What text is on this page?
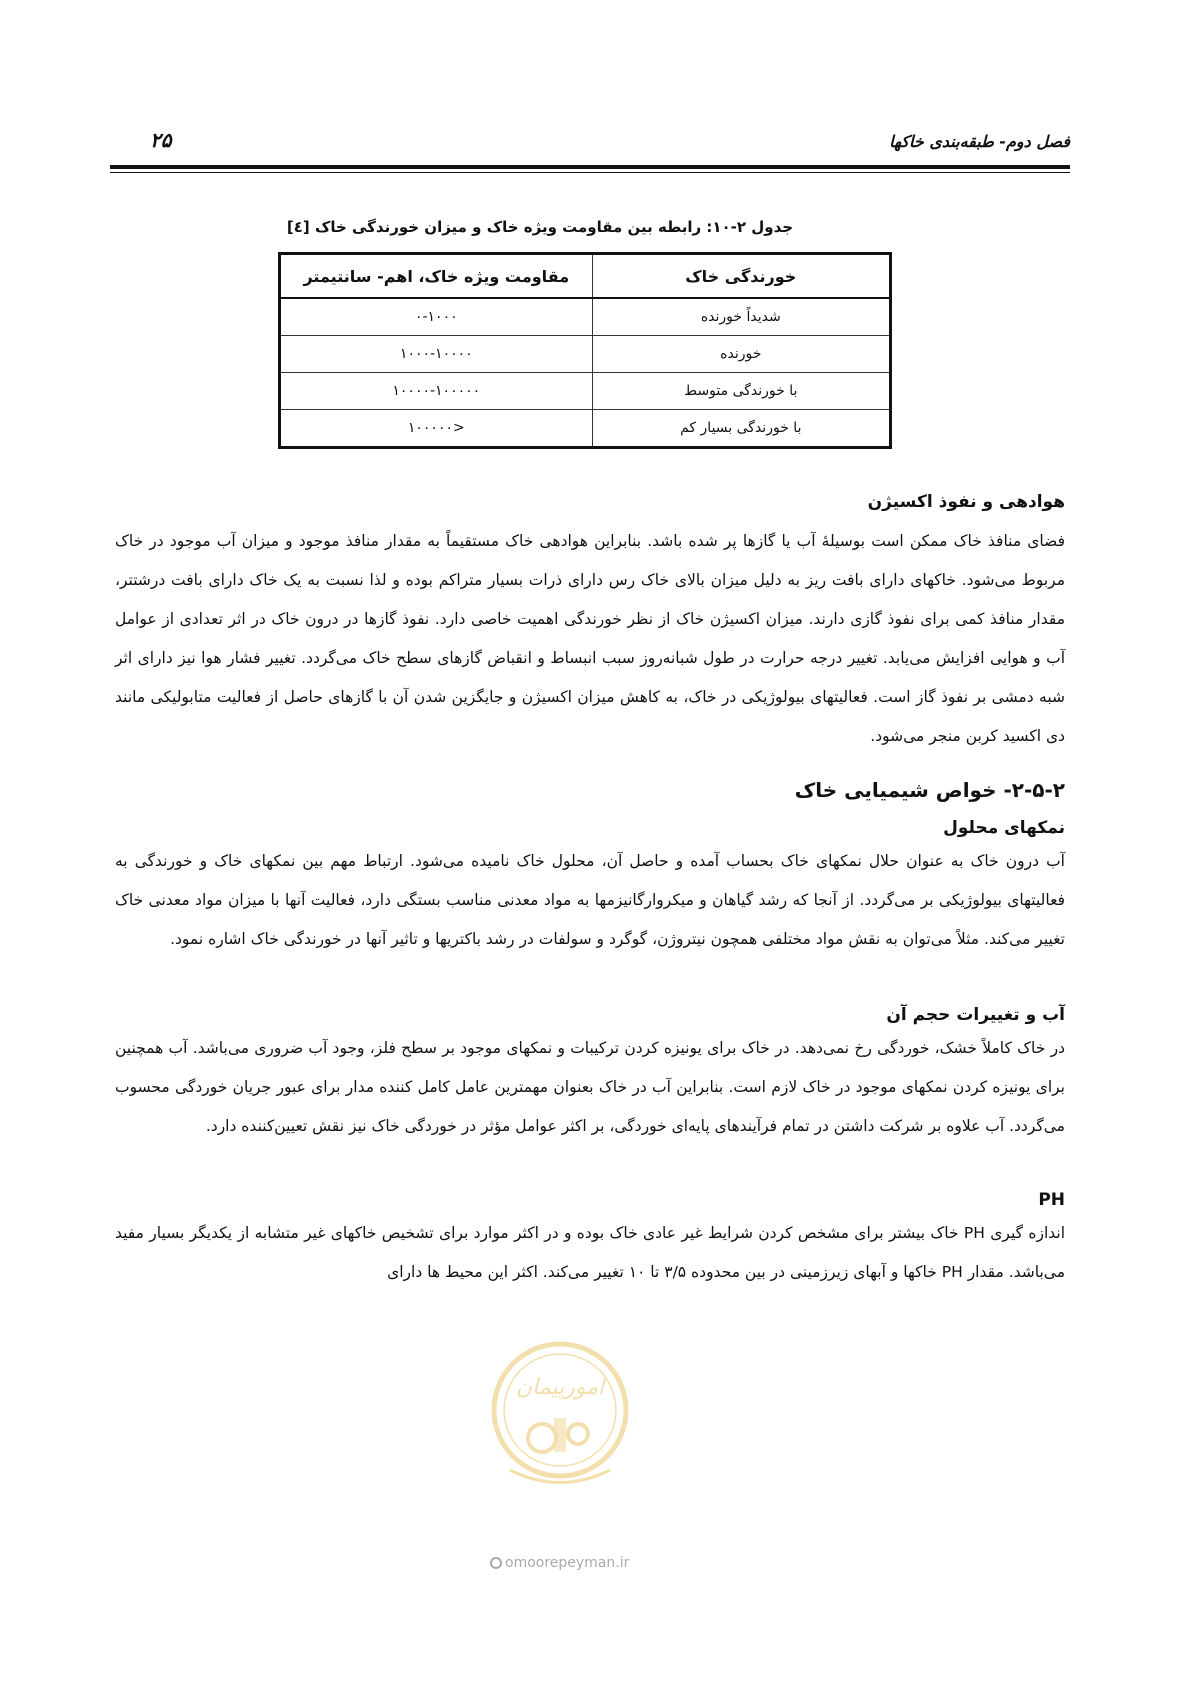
فصل دوم- طبقه‌بندی خاکها
۲۵
جدول ۲-۱۰: رابطه بین مقاومت ویژه خاک و میزان خورندگی خاک [٤]
خورندگی خاک	مقاومت ویژه خاک، اهم- سانتیمتر
شدیداً خورنده	۰-۱۰۰۰
خورنده	۱۰۰۰-۱۰۰۰۰
با خورندگی متوسط	۱۰۰۰۰-۱۰۰۰۰۰
با خورندگی بسیار کم	<۱۰۰۰۰۰
هوادهی و نفوذ اکسیژن

فضای منافذ خاک ممکن است بوسیلهٔ آب یا گازها پر شده باشد. بنابراین هوادهی خاک مستقیماً به مقدار منافذ موجود و میزان آب موجود در خاک مربوط می‌شود. خاکهای دارای بافت ریز به دلیل میزان بالای خاک رس دارای ذرات بسیار متراکم بوده و لذا نسبت به یک خاک دارای بافت درشتتر، مقدار منافذ کمی برای نفوذ گازی دارند. میزان اکسیژن خاک از نظر خورندگی اهمیت خاصی دارد. نفوذ گازها در درون خاک در اثر تعدادی از عوامل آب و هوایی افزایش می‌یابد. تغییر درجه حرارت در طول شبانه‌روز سبب انبساط و انقباض گازهای سطح خاک می‌گردد. تغییر فشار هوا نیز دارای اثر شبه دمشی بر نفوذ گاز است. فعالیتهای بیولوژیکی در خاک، به کاهش میزان اکسیژن و جایگزین شدن آن با گازهای حاصل از فعالیت متابولیکی مانند دی اکسید کربن منجر می‌شود.

۲-۵-۲- خواص شیمیایی خاک
نمکهای محلول

آب درون خاک به عنوان حلال نمکهای خاک بحساب آمده و حاصل آن، محلول خاک نامیده می‌شود. ارتباط مهم بین نمکهای خاک و خورندگی به فعالیتهای بیولوژیکی بر می‌گردد. از آنجا که رشد گیاهان و میکروارگانیزمها به مواد معدنی مناسب بستگی دارد، فعالیت آنها با میزان مواد معدنی خاک تغییر می‌کند. مثلاً می‌توان به نقش مواد مختلفی همچون نیتروژن، گوگرد و سولفات در رشد باکتریها و تاثیر آنها در خورندگی خاک اشاره نمود.

آب و تغییرات حجم آن

در خاک کاملاً خشک، خوردگی رخ نمی‌دهد. در خاک برای یونیزه کردن ترکیبات و نمکهای موجود بر سطح فلز، وجود آب ضروری می‌باشد. آب همچنین برای یونیزه کردن نمکهای موجود در خاک لازم است. بنابراین آب در خاک بعنوان مهمترین عامل کامل کننده مدار برای عبور جریان خوردگی محسوب می‌گردد. آب علاوه بر شرکت داشتن در تمام فرآیندهای پایه‌ای خوردگی، بر اکثر عوامل مؤثر در خوردگی خاک نیز نقش تعیین‌کننده دارد.

PH

اندازه گیری PH خاک بیشتر برای مشخص کردن شرایط غیر عادی خاک بوده و در اکثر موارد برای تشخیص خاکهای غیر متشابه از یکدیگر بسیار مفید می‌باشد. مقدار PH خاکها و آبهای زیرزمینی در بین محدوده ۳/۵ تا ۱۰ تغییر می‌کند. اکثر این محیط ها دارای

امورپیمان
omoorepeyman.ir
